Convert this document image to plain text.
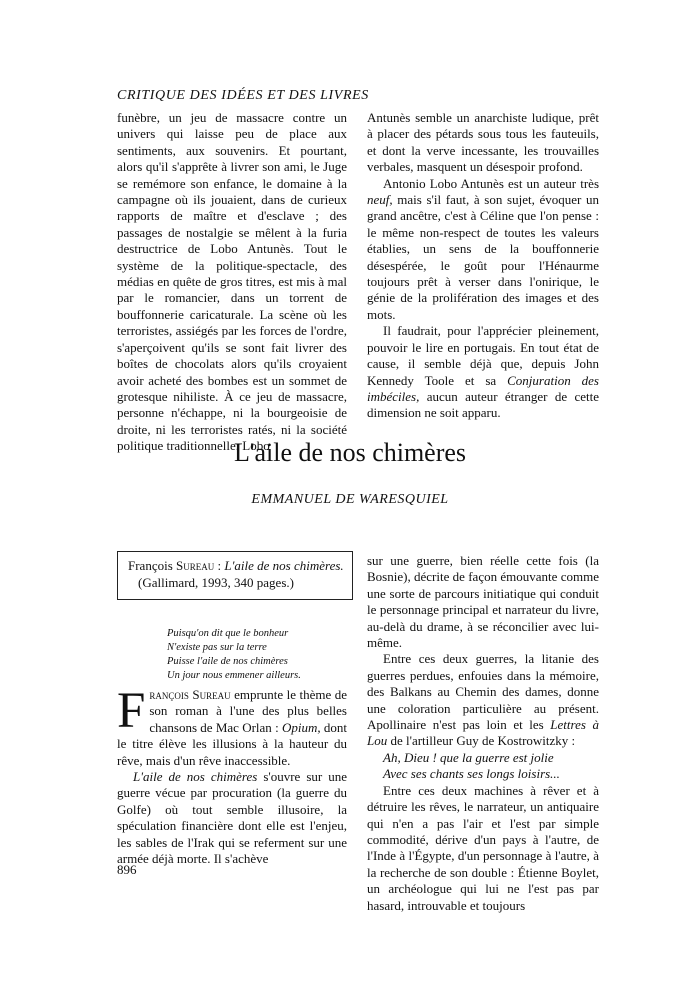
CRITIQUE DES IDÉES ET DES LIVRES

funèbre, un jeu de massacre contre un univers qui laisse peu de place aux sentiments, aux souvenirs. Et pourtant, alors qu'il s'apprête à livrer son ami, le Juge se remémore son enfance, le domaine à la campagne où ils jouaient, dans de curieux rapports de maître et d'esclave ; des passages de nostalgie se mêlent à la furia destructrice de Lobo Antunès. Tout le système de la politique-spectacle, des médias en quête de gros titres, est mis à mal par le romancier, dans un torrent de bouffonnerie caricaturale. La scène où les terroristes, assiégés par les forces de l'ordre, s'aperçoivent qu'ils se sont fait livrer des boîtes de chocolats alors qu'ils croyaient avoir acheté des bombes est un sommet de grotesque nihiliste. À ce jeu de massacre, personne n'échappe, ni la bourgeoisie de droite, ni les terroristes ratés, ni la société politique traditionnelle. Lobo

Antunès semble un anarchiste ludique, prêt à placer des pétards sous tous les fauteuils, et dont la verve incessante, les trouvailles verbales, masquent un désespoir profond.

Antonio Lobo Antunès est un auteur très neuf, mais s'il faut, à son sujet, évoquer un grand ancêtre, c'est à Céline que l'on pense : le même non-respect de toutes les valeurs établies, un sens de la bouffonnerie désespérée, le goût pour l'Hénaurme toujours prêt à verser dans l'onirique, le génie de la prolifération des images et des mots.

Il faudrait, pour l'apprécier pleinement, pouvoir le lire en portugais. En tout état de cause, il semble déjà que, depuis John Kennedy Toole et sa Conjuration des imbéciles, aucun auteur étranger de cette dimension ne soit apparu.

L'aile de nos chimères
EMMANUEL DE WARESQUIEL
François Sureau : L'aile de nos chimères.
(Gallimard, 1993, 340 pages.)
Puisqu'on dit que le bonheur
N'existe pas sur la terre
Puisse l'aile de nos chimères
Un jour nous emmener ailleurs.

François Sureau emprunte le thème de son roman à l'une des plus belles chansons de Mac Orlan : Opium, dont le titre élève les illusions à la hauteur du rêve, mais d'un rêve inaccessible.

L'aile de nos chimères s'ouvre sur une guerre vécue par procuration (la guerre du Golfe) où tout semble illusoire, la spéculation financière dont elle est l'enjeu, les sables de l'Irak qui se referment sur une armée déjà morte. Il s'achève

sur une guerre, bien réelle cette fois (la Bosnie), décrite de façon émouvante comme une sorte de parcours initiatique qui conduit le personnage principal et narrateur du livre, au-delà du drame, à se réconcilier avec lui-même.

Entre ces deux guerres, la litanie des guerres perdues, enfouies dans la mémoire, des Balkans au Chemin des dames, donne une coloration particulière au présent. Apollinaire n'est pas loin et les Lettres à Lou de l'artilleur Guy de Kostrowitzky :

Ah, Dieu ! que la guerre est jolie

Avec ses chants ses longs loisirs...

Entre ces deux machines à rêver et à détruire les rêves, le narrateur, un antiquaire qui n'en a pas l'air et l'est par simple commodité, dérive d'un pays à l'autre, de l'Inde à l'Égypte, d'un personnage à l'autre, à la recherche de son double : Étienne Boylet, un archéologue qui lui ne l'est pas par hasard, introuvable et toujours

896
